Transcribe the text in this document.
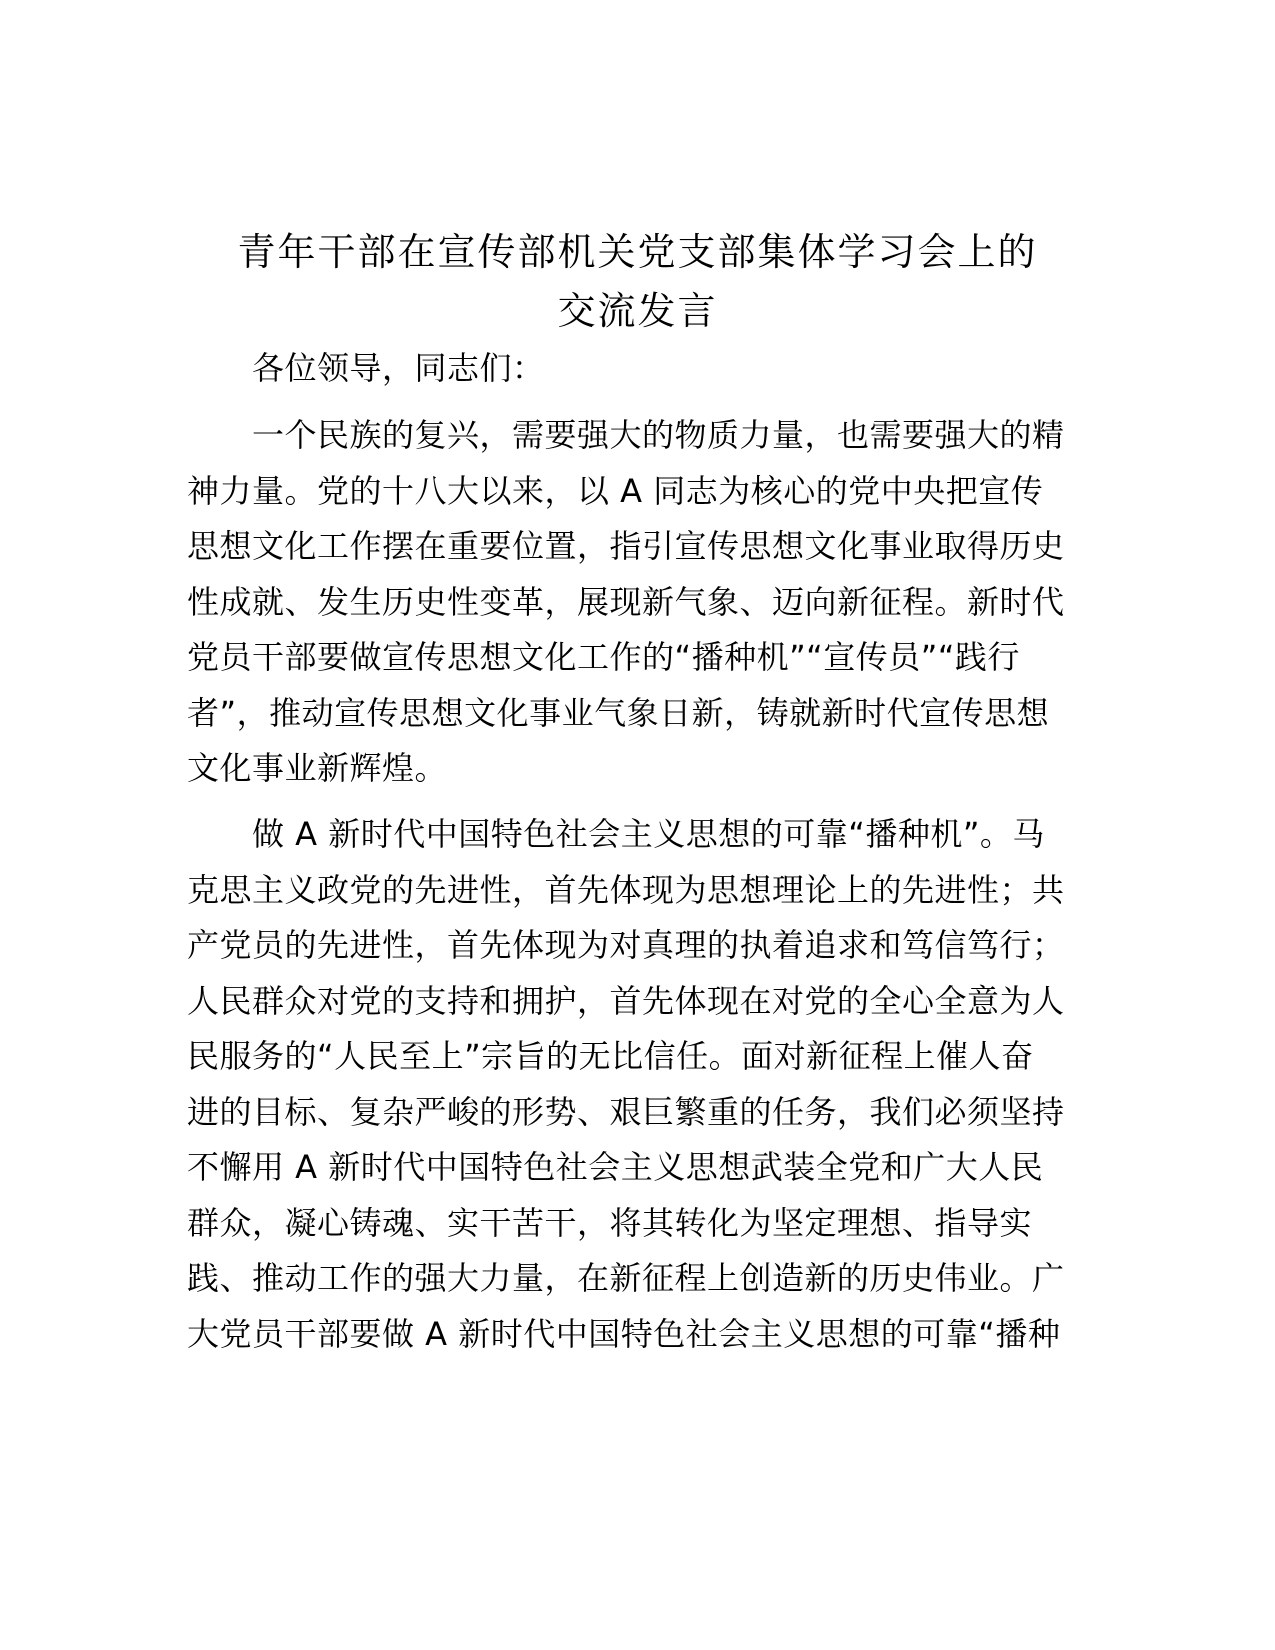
青年干部在宣传部机关党支部集体学习会上的
交流发言
各位领导，同志们：
一个民族的复兴，需要强大的物质力量，也需要强大的精
神力量。党的十八大以来，以 A 同志为核心的党中央把宣传
思想文化工作摆在重要位置，指引宣传思想文化事业取得历史
性成就、发生历史性变革，展现新气象、迈向新征程。新时代
党员干部要做宣传思想文化工作的“播种机”“宣传员”“践行
者”，推动宣传思想文化事业气象日新，铸就新时代宣传思想
文化事业新辉煌。
做 A 新时代中国特色社会主义思想的可靠“播种机”。马
克思主义政党的先进性，首先体现为思想理论上的先进性；共
产党员的先进性，首先体现为对真理的执着追求和笃信笃行；
人民群众对党的支持和拥护，首先体现在对党的全心全意为人
民服务的“人民至上”宗旨的无比信任。面对新征程上催人奋
进的目标、复杂严峻的形势、艰巨繁重的任务，我们必须坚持
不懈用 A 新时代中国特色社会主义思想武装全党和广大人民
群众，凝心铸魂、实干苦干，将其转化为坚定理想、指导实
践、推动工作的强大力量，在新征程上创造新的历史伟业。广
大党员干部要做 A 新时代中国特色社会主义思想的可靠“播种
